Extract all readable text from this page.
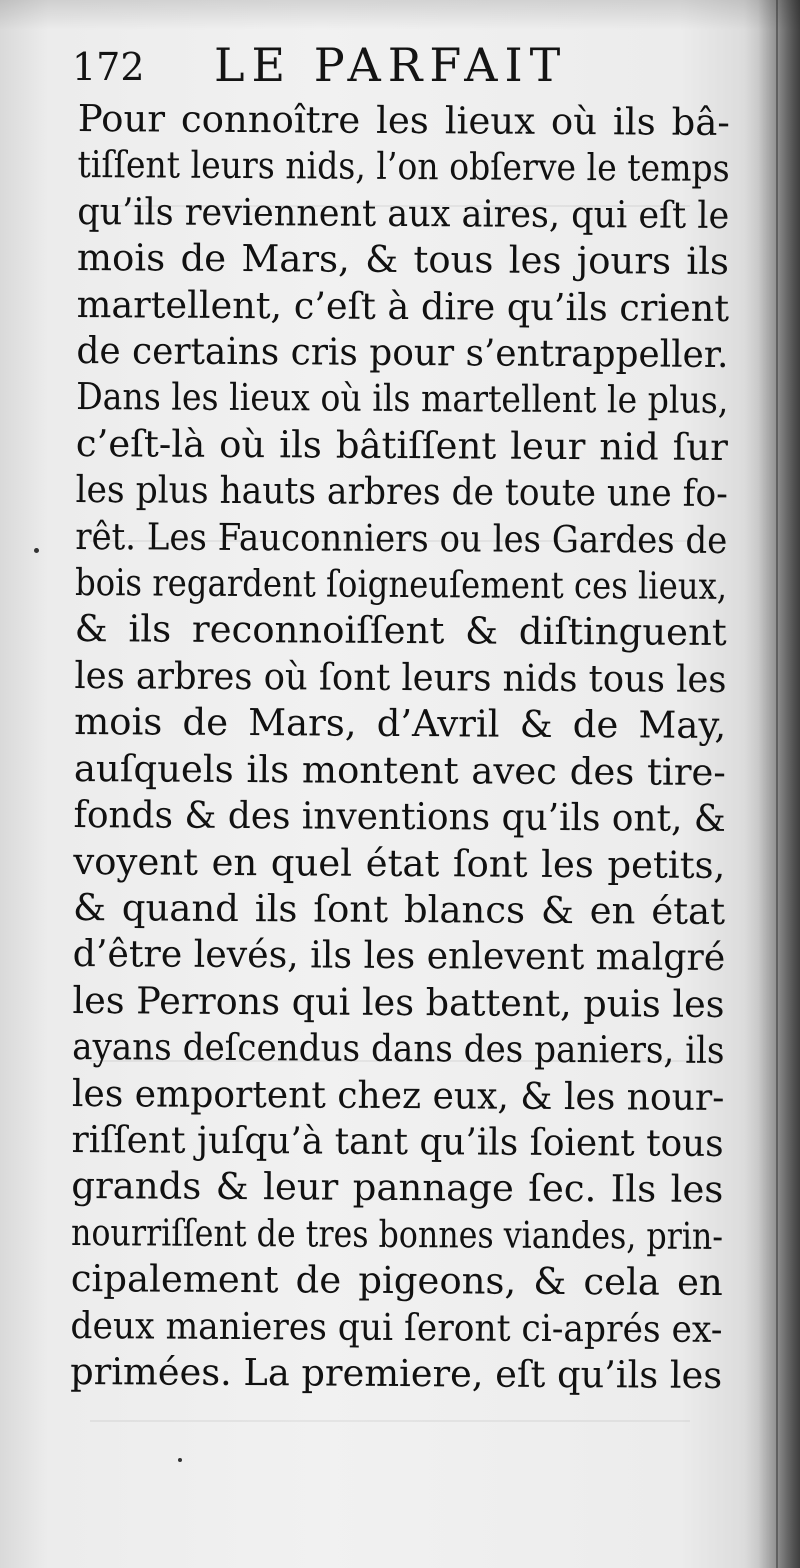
172 LE PARFAIT
Pour connoître les lieux où ils bâ-
tiſſent leurs nids, l’on obſerve le temps
qu’ils reviennent aux aires, qui eſt le
mois de Mars, & tous les jours ils
martellent, c’eſt à dire qu’ils crient
de certains cris pour s’entrappeller.
Dans les lieux où ils martellent le plus,
c’eſt-là où ils bâtiſſent leur nid ſur
les plus hauts arbres de toute une fo-
rêt. Les Fauconniers ou les Gardes de
bois regardent ſoigneuſement ces lieux,
& ils reconnoiſſent & diſtinguent
les arbres où ſont leurs nids tous les
mois de Mars, d’Avril & de May,
auſquels ils montent avec des tire-
fonds & des inventions qu’ils ont, &
voyent en quel état ſont les petits,
& quand ils ſont blancs & en état
d’être levés, ils les enlevent malgré
les Perrons qui les battent, puis les
ayans deſcendus dans des paniers, ils
les emportent chez eux, & les nour-
riſſent juſqu’à tant qu’ils ſoient tous
grands & leur pannage ſec. Ils les
nourriſſent de tres bonnes viandes, prin-
cipalement de pigeons, & cela en
deux manieres qui ſeront ci-aprés ex-
primées. La premiere, eſt qu’ils les
